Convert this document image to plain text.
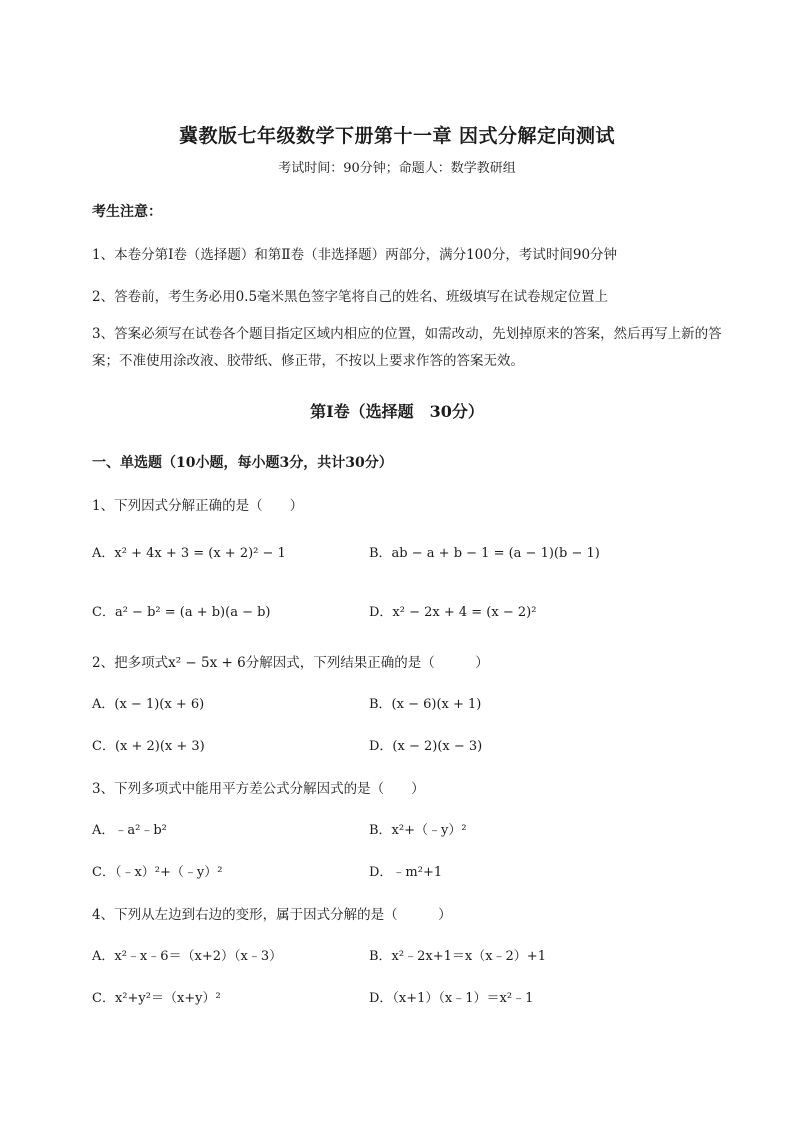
冀教版七年级数学下册第十一章 因式分解定向测试
考试时间：90分钟；命题人：数学教研组
考生注意：
1、本卷分第I卷（选择题）和第Ⅱ卷（非选择题）两部分，满分100分，考试时间90分钟
2、答卷前，考生务必用0.5毫米黑色签字笔将自己的姓名、班级填写在试卷规定位置上
3、答案必须写在试卷各个题目指定区域内相应的位置，如需改动，先划掉原来的答案，然后再写上新的答案；不准使用涂改液、胶带纸、修正带，不按以上要求作答的答案无效。
第I卷（选择题　30分）
一、单选题（10小题，每小题3分，共计30分）
1、下列因式分解正确的是（　　）
A．x² + 4x + 3 = (x + 2)² − 1	B．ab − a + b − 1 = (a − 1)(b − 1)
C．a² − b² = (a + b)(a − b)	D．x² − 2x + 4 = (x − 2)²
2、把多项式x² − 5x + 6分解因式，下列结果正确的是（　　　）
A．(x − 1)(x + 6)	B．(x − 6)(x + 1)
C．(x + 2)(x + 3)	D．(x − 2)(x − 3)
3、下列多项式中能用平方差公式分解因式的是（　　）
A．﹣a²﹣b²	B．x²+（﹣y）²
C．（﹣x）²+（﹣y）²	D．﹣m²+1
4、下列从左边到右边的变形，属于因式分解的是（　　　）
A．x²﹣x﹣6＝（x+2）（x﹣3）	B．x²﹣2x+1＝x（x﹣2）+1
C．x²+y²＝（x+y）²	D．（x+1）（x﹣1）＝x²﹣1
